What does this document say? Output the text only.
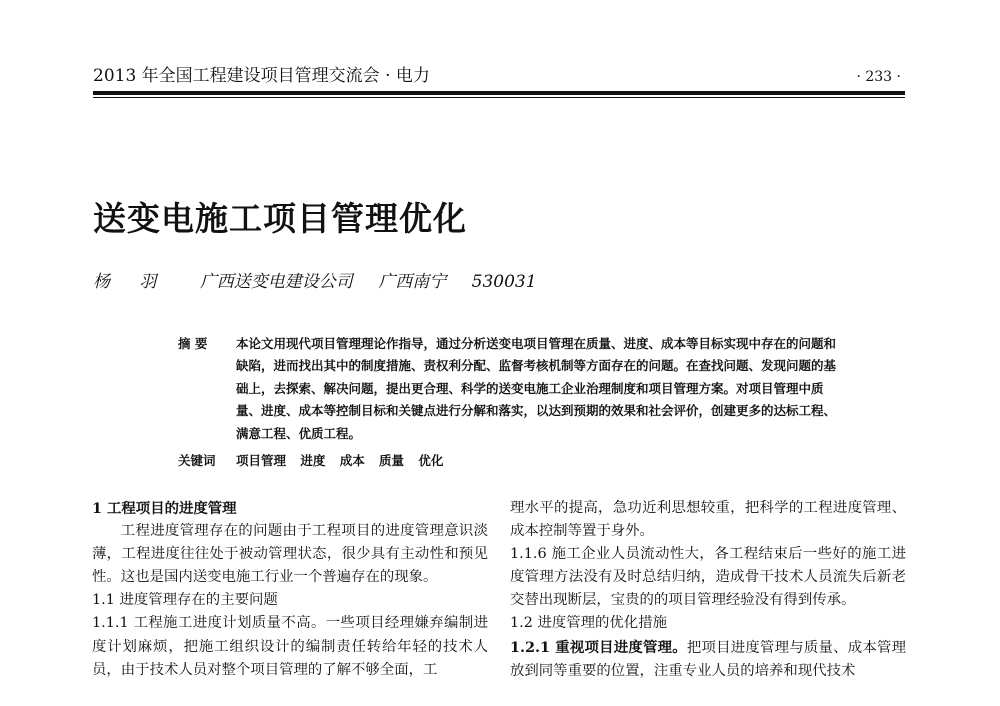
2013 年全国工程建设项目管理交流会 · 电力	· 233 ·
送变电施工项目管理优化
杨 羽 广西送变电建设公司 广西南宁 530031
摘 要 本论文用现代项目管理理论作指导，通过分析送变电项目管理在质量、进度、成本等目标实现中存在的问题和缺陷，进而找出其中的制度措施、责权利分配、监督考核机制等方面存在的问题。在查找问题、发现问题的基础上，去探索、解决问题，提出更合理、科学的送变电施工企业治理制度和项目管理方案。对项目管理中质量、进度、成本等控制目标和关键点进行分解和落实，以达到预期的效果和社会评价，创建更多的达标工程、满意工程、优质工程。
关键词 项目管理 进度 成本 质量 优化

1 工程项目的进度管理

工程进度管理存在的问题由于工程项目的进度管理意识淡薄，工程进度往往处于被动管理状态，很少具有主动性和预见性。这也是国内送变电施工行业一个普遍存在的现象。

1.1 进度管理存在的主要问题

1.1.1 工程施工进度计划质量不高。一些项目经理嫌弃编制进度计划麻烦，把施工组织设计的编制责任转给年轻的技术人员，由于技术人员对整个项目管理的了解不够全面，工

理水平的提高，急功近利思想较重，把科学的工程进度管理、成本控制等置于身外。

1.1.6 施工企业人员流动性大，各工程结束后一些好的施工进度管理方法没有及时总结归纳，造成骨干技术人员流失后新老交替出现断层，宝贵的的项目管理经验没有得到传承。

1.2 进度管理的优化措施

1.2.1 重视项目进度管理。把项目进度管理与质量、成本管理放到同等重要的位置，注重专业人员的培养和现代技术
